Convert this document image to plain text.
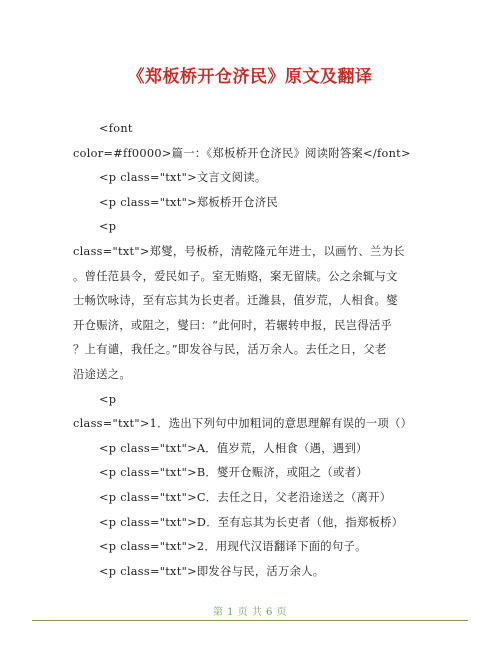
《郑板桥开仓济民》原文及翻译
<font
color=#ff0000>篇一：《郑板桥开仓济民》阅读附答案</font>
<p class="txt">文言文阅读。
<p class="txt">郑板桥开仓济民
<p
class="txt">郑燮，号板桥，清乾隆元年进士，以画竹、兰为长
。曾任范县令，爱民如子。室无贿赂，案无留牍。公之余辄与文
士畅饮咏诗，至有忘其为长吏者。迁潍县，值岁荒，人相食。燮
开仓赈济，或阻之，燮曰：“此何时，若辗转申报，民岂得活乎
？上有谴，我任之。”即发谷与民，活万余人。去任之日，父老
沿途送之。
<p
class="txt">1．选出下列句中加粗词的意思理解有误的一项（）
<p class="txt">A．值岁荒，人相食（遇，遇到）
<p class="txt">B．燮开仓赈济，或阻之（或者）
<p class="txt">C．去任之日，父老沿途送之（离开）
<p class="txt">D．至有忘其为长吏者（他，指郑板桥）
<p class="txt">2．用现代汉语翻译下面的句子。
<p class="txt">即发谷与民，活万余人。
第 1 页 共 6 页
